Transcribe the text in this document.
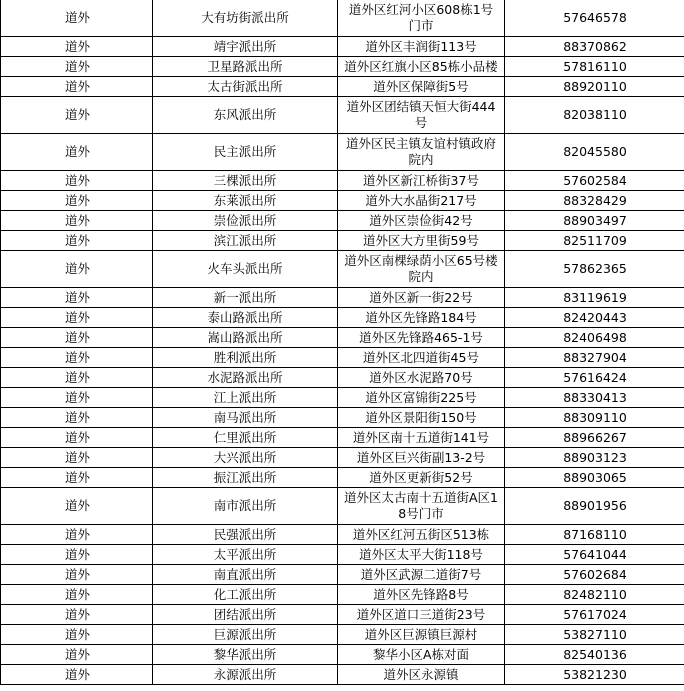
道外	大有坊街派出所	道外区红河小区608栋1号门市	57646578
道外	靖宇派出所	道外区丰润街113号	88370862
道外	卫星路派出所	道外区红旗小区85栋小品楼	57816110
道外	太古街派出所	道外区保障街5号	88920110
道外	东风派出所	道外区团结镇天恒大街444号	82038110
道外	民主派出所	道外区民主镇友谊村镇政府院内	82045580
道外	三棵派出所	道外区新江桥街37号	57602584
道外	东莱派出所	道外大水晶街217号	88328429
道外	崇俭派出所	道外区崇俭街42号	88903497
道外	滨江派出所	道外区大方里街59号	82511709
道外	火车头派出所	道外区南棵绿荫小区65号楼院内	57862365
道外	新一派出所	道外区新一街22号	83119619
道外	泰山路派出所	道外区先锋路184号	82420443
道外	嵩山路派出所	道外区先锋路465-1号	82406498
道外	胜利派出所	道外区北四道街45号	88327904
道外	水泥路派出所	道外区水泥路70号	57616424
道外	江上派出所	道外区富锦街225号	88330413
道外	南马派出所	道外区景阳街150号	88309110
道外	仁里派出所	道外区南十五道街141号	88966267
道外	大兴派出所	道外区巨兴街副13-2号	88903123
道外	振江派出所	道外区更新街52号	88903065
道外	南市派出所	道外区太古南十五道街A区18号门市	88901956
道外	民强派出所	道外区红河五街区513栋	87168110
道外	太平派出所	道外区太平大街118号	57641044
道外	南直派出所	道外区武源二道街7号	57602684
道外	化工派出所	道外区先锋路8号	82482110
道外	团结派出所	道外区道口三道街23号	57617024
道外	巨源派出所	道外区巨源镇巨源村	53827110
道外	黎华派出所	黎华小区A栋对面	82540136
道外	永源派出所	道外区永源镇	53821230
